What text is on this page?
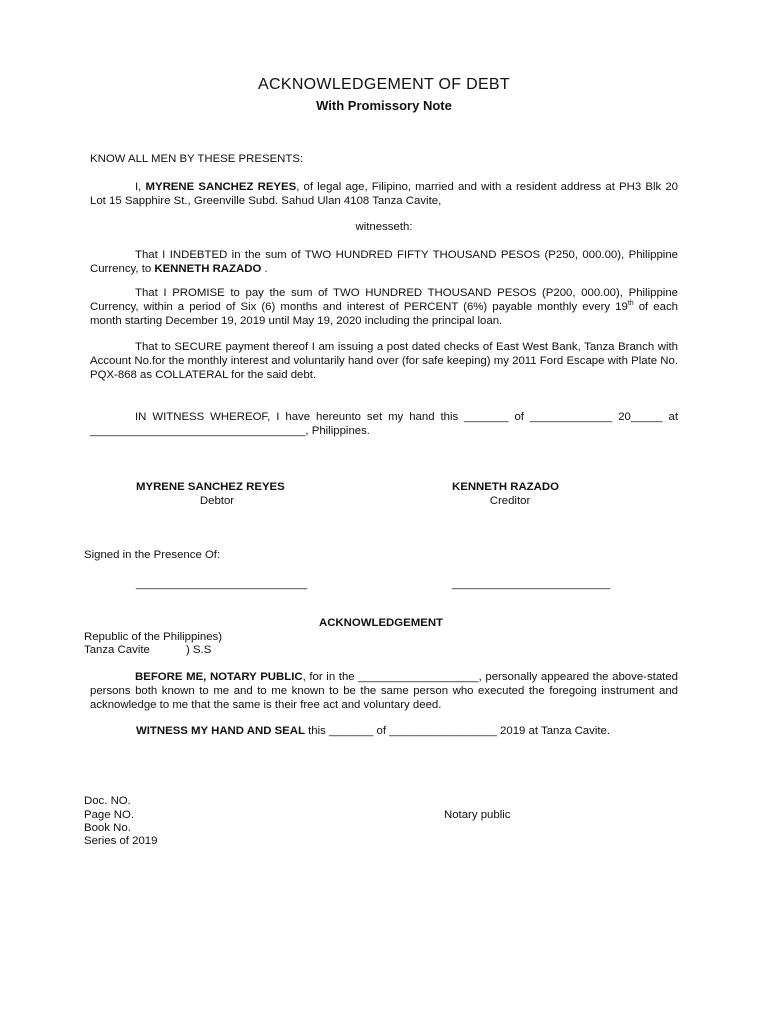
ACKNOWLEDGEMENT OF DEBT
With Promissory Note
KNOW ALL MEN BY THESE PRESENTS:
I, MYRENE SANCHEZ REYES, of legal age, Filipino, married and with a resident address at PH3 Blk 20 Lot 15 Sapphire St., Greenville Subd. Sahud Ulan 4108 Tanza Cavite,
witnesseth:
That I INDEBTED in the sum of TWO HUNDRED FIFTY THOUSAND PESOS (P250, 000.00), Philippine Currency, to KENNETH RAZADO .
That I PROMISE to pay the sum of TWO HUNDRED THOUSAND PESOS (P200, 000.00), Philippine Currency, within a period of Six (6) months and interest of PERCENT (6%) payable monthly every 19th of each month starting December 19, 2019 until May 19, 2020 including the principal loan.
That to SECURE payment thereof I am issuing a post dated checks of East West Bank, Tanza Branch with Account No.for the monthly interest and voluntarily hand over (for safe keeping) my 2011 Ford Escape with Plate No. PQX-868 as COLLATERAL for the said debt.
IN WITNESS WHEREOF, I have hereunto set my hand this _______ of _____________ 20_____ at
__________________________________, Philippines.
MYRENE SANCHEZ REYES
Debtor
KENNETH RAZADO
Creditor
Signed in the Presence Of:
___________________________	_________________________
ACKNOWLEDGEMENT
Republic of the Philippines)
Tanza Cavite	) S.S
BEFORE ME, NOTARY PUBLIC, for in the ___________________, personally appeared the above-stated persons both known to me and to me known to be the same person who executed the foregoing instrument and acknowledge to me that the same is their free act and voluntary deed.
WITNESS MY HAND AND SEAL this _______ of _________________ 2019 at Tanza Cavite.
Doc. NO.
Page NO.
Book No.
Series of 2019
Notary public
